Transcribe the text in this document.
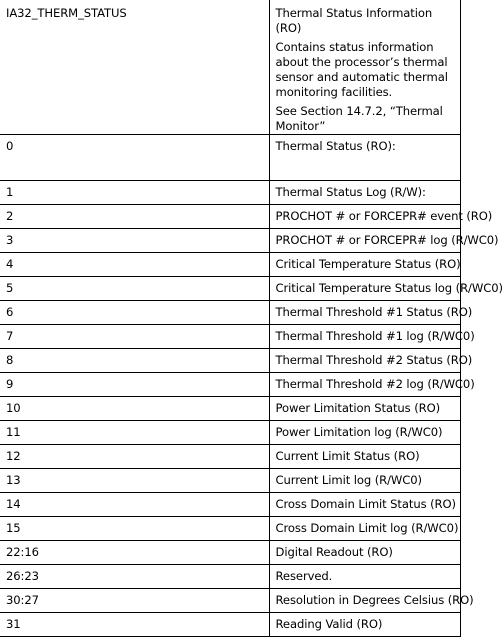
IA32_THERM_STATUS	Thermal Status Information (RO)

Contains status information about the processor’s thermal sensor and automatic thermal monitoring facilities.

See Section 14.7.2, “Thermal Monitor”

0	Thermal Status (RO):
1	Thermal Status Log (R/W):
2	PROCHOT # or FORCEPR# event (RO)
3	PROCHOT # or FORCEPR# log (R/WC0)
4	Critical Temperature Status (RO)
5	Critical Temperature Status log (R/WC0)
6	Thermal Threshold #1 Status (RO)
7	Thermal Threshold #1 log (R/WC0)
8	Thermal Threshold #2 Status (RO)
9	Thermal Threshold #2 log (R/WC0)
10	Power Limitation Status (RO)
11	Power Limitation log (R/WC0)
12	Current Limit Status (RO)
13	Current Limit log (R/WC0)
14	Cross Domain Limit Status (RO)
15	Cross Domain Limit log (R/WC0)
22:16	Digital Readout (RO)
26:23	Reserved.
30:27	Resolution in Degrees Celsius (RO)
31	Reading Valid (RO)
